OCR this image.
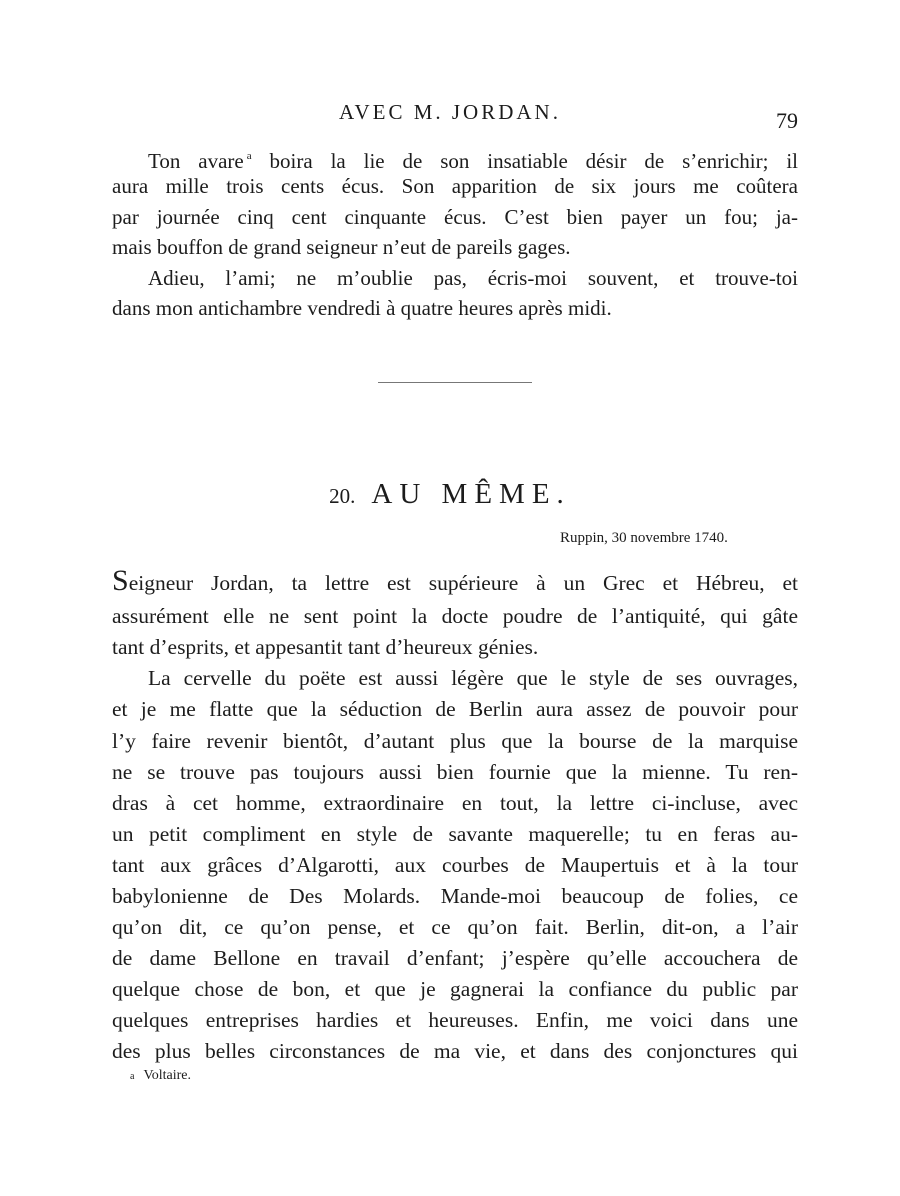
AVEC M. JORDAN.	79
Ton avare $^a$ boira la lie de son insatiable désir de s’enrichir; il
aura mille trois cents écus. Son apparition de six jours me coûtera
par journée cinq cent cinquante écus. C’est bien payer un fou; ja-
mais bouffon de grand seigneur n’eut de pareils gages.
Adieu, l’ami; ne m’oublie pas, écris-moi souvent, et trouve-toi
dans mon antichambre vendredi à quatre heures après midi.
20. AU MÊME.
Ruppin, 30 novembre 1740.
Seigneur Jordan, ta lettre est supérieure à un Grec et Hébreu, et
assurément elle ne sent point la docte poudre de l’antiquité, qui gâte
tant d’esprits, et appesantit tant d’heureux génies.
La cervelle du poëte est aussi légère que le style de ses ouvrages,
et je me flatte que la séduction de Berlin aura assez de pouvoir pour
l’y faire revenir bientôt, d’autant plus que la bourse de la marquise
ne se trouve pas toujours aussi bien fournie que la mienne. Tu ren-
dras à cet homme, extraordinaire en tout, la lettre ci-incluse, avec
un petit compliment en style de savante maquerelle; tu en feras au-
tant aux grâces d’Algarotti, aux courbes de Maupertuis et à la tour
babylonienne de Des Molards. Mande-moi beaucoup de folies, ce
qu’on dit, ce qu’on pense, et ce qu’on fait. Berlin, dit-on, a l’air
de dame Bellone en travail d’enfant; j’espère qu’elle accouchera de
quelque chose de bon, et que je gagnerai la confiance du public par
quelques entreprises hardies et heureuses. Enfin, me voici dans une
des plus belles circonstances de ma vie, et dans des conjonctures qui
a Voltaire.
